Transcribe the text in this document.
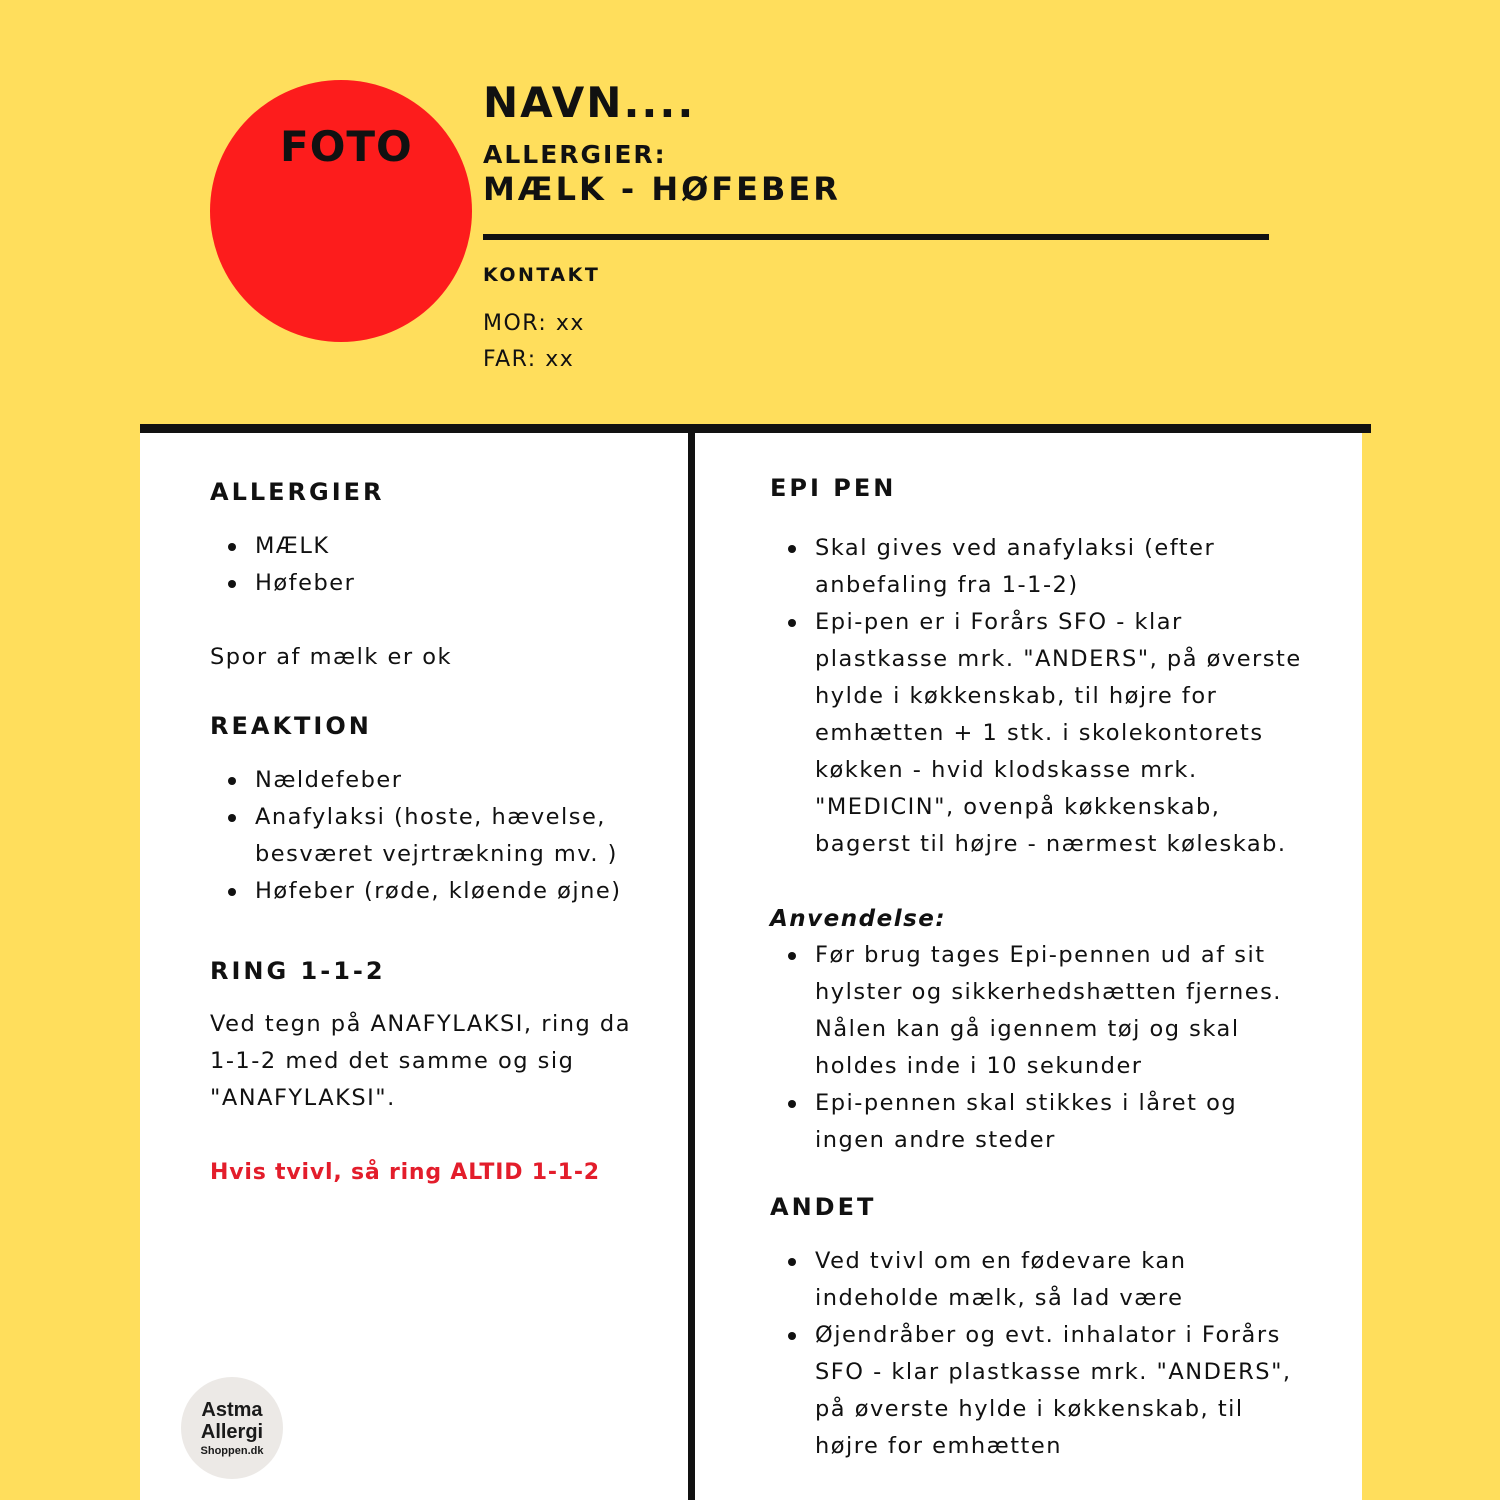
FOTO
NAVN....
ALLERGIER:
MÆLK - HØFEBER
KONTAKT
MOR: xx
FAR: xx
ALLERGIER
MÆLK
Høfeber

Spor af mælk er ok

REAKTION
Nældefeber
Anafylaksi (hoste, hævelse, besværet vejrtrækning mv. )
Høfeber (røde, kløende øjne)
RING 1-1-2

Ved tegn på ANAFYLAKSI, ring da 1-1-2 med det samme og sig "ANAFYLAKSI".

Hvis tvivl, så ring ALTID 1-1-2

EPI PEN
Skal gives ved anafylaksi (efter anbefaling fra 1-1-2)
Epi-pen er i Forårs SFO - klar plastkasse mrk. "ANDERS", på øverste hylde i køkkenskab, til højre for emhætten + 1 stk. i skolekontorets køkken - hvid klodskasse mrk. "MEDICIN", ovenpå køkkenskab, bagerst til højre - nærmest køleskab.
Anvendelse:
Før brug tages Epi-pennen ud af sit hylster og sikkerhedshætten fjernes. Nålen kan gå igennem tøj og skal holdes inde i 10 sekunder
Epi-pennen skal stikkes i låret og ingen andre steder
ANDET
Ved tvivl om en fødevare kan indeholde mælk, så lad være
Øjendråber og evt. inhalator i Forårs SFO - klar plastkasse mrk. "ANDERS", på øverste hylde i køkkenskab, til højre for emhætten
Astma
Allergi
Shoppen.dk
